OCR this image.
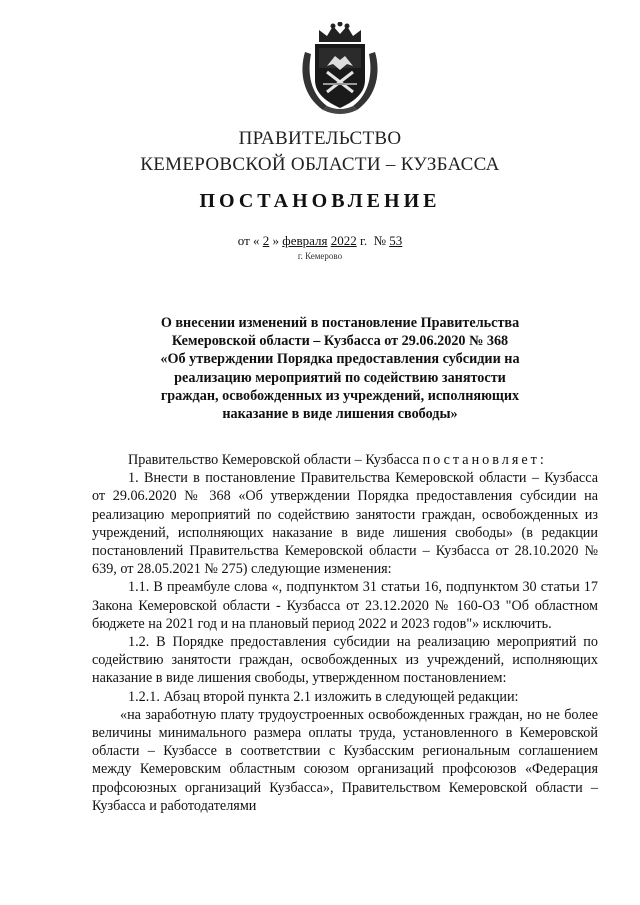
ПРАВИТЕЛЬСТВО
КЕМЕРОВСКОЙ ОБЛАСТИ – КУЗБАССА
ПОСТАНОВЛЕНИЕ
от « 2 » февраля 2022 г. № 53
г. Кемерово
О внесении изменений в постановление Правительства
Кемеровской области – Кузбасса от 29.06.2020 № 368
«Об утверждении Порядка предоставления субсидии на
реализацию мероприятий по содействию занятости
граждан, освобожденных из учреждений, исполняющих
наказание в виде лишения свободы»

Правительство Кемеровской области – Кузбасса постановляет:

1. Внести в постановление Правительства Кемеровской области – Кузбасса от 29.06.2020 № 368 «Об утверждении Порядка предоставления субсидии на реализацию мероприятий по содействию занятости граждан, освобожденных из учреждений, исполняющих наказание в виде лишения свободы» (в редакции постановлений Правительства Кемеровской области – Кузбасса от 28.10.2020 № 639, от 28.05.2021 № 275) следующие изменения:

1.1. В преамбуле слова «, подпунктом 31 статьи 16, подпунктом 30 статьи 17 Закона Кемеровской области - Кузбасса от 23.12.2020 № 160-ОЗ "Об областном бюджете на 2021 год и на плановый период 2022 и 2023 годов"» исключить.

1.2. В Порядке предоставления субсидии на реализацию мероприятий по содействию занятости граждан, освобожденных из учреждений, исполняющих наказание в виде лишения свободы, утвержденном постановлением:

1.2.1. Абзац второй пункта 2.1 изложить в следующей редакции:

«на заработную плату трудоустроенных освобожденных граждан, но не более величины минимального размера оплаты труда, установленного в Кемеровской области – Кузбассе в соответствии с Кузбасским региональным соглашением между Кемеровским областным союзом организаций профсоюзов «Федерация профсоюзных организаций Кузбасса», Правительством Кемеровской области – Кузбасса и работодателями
